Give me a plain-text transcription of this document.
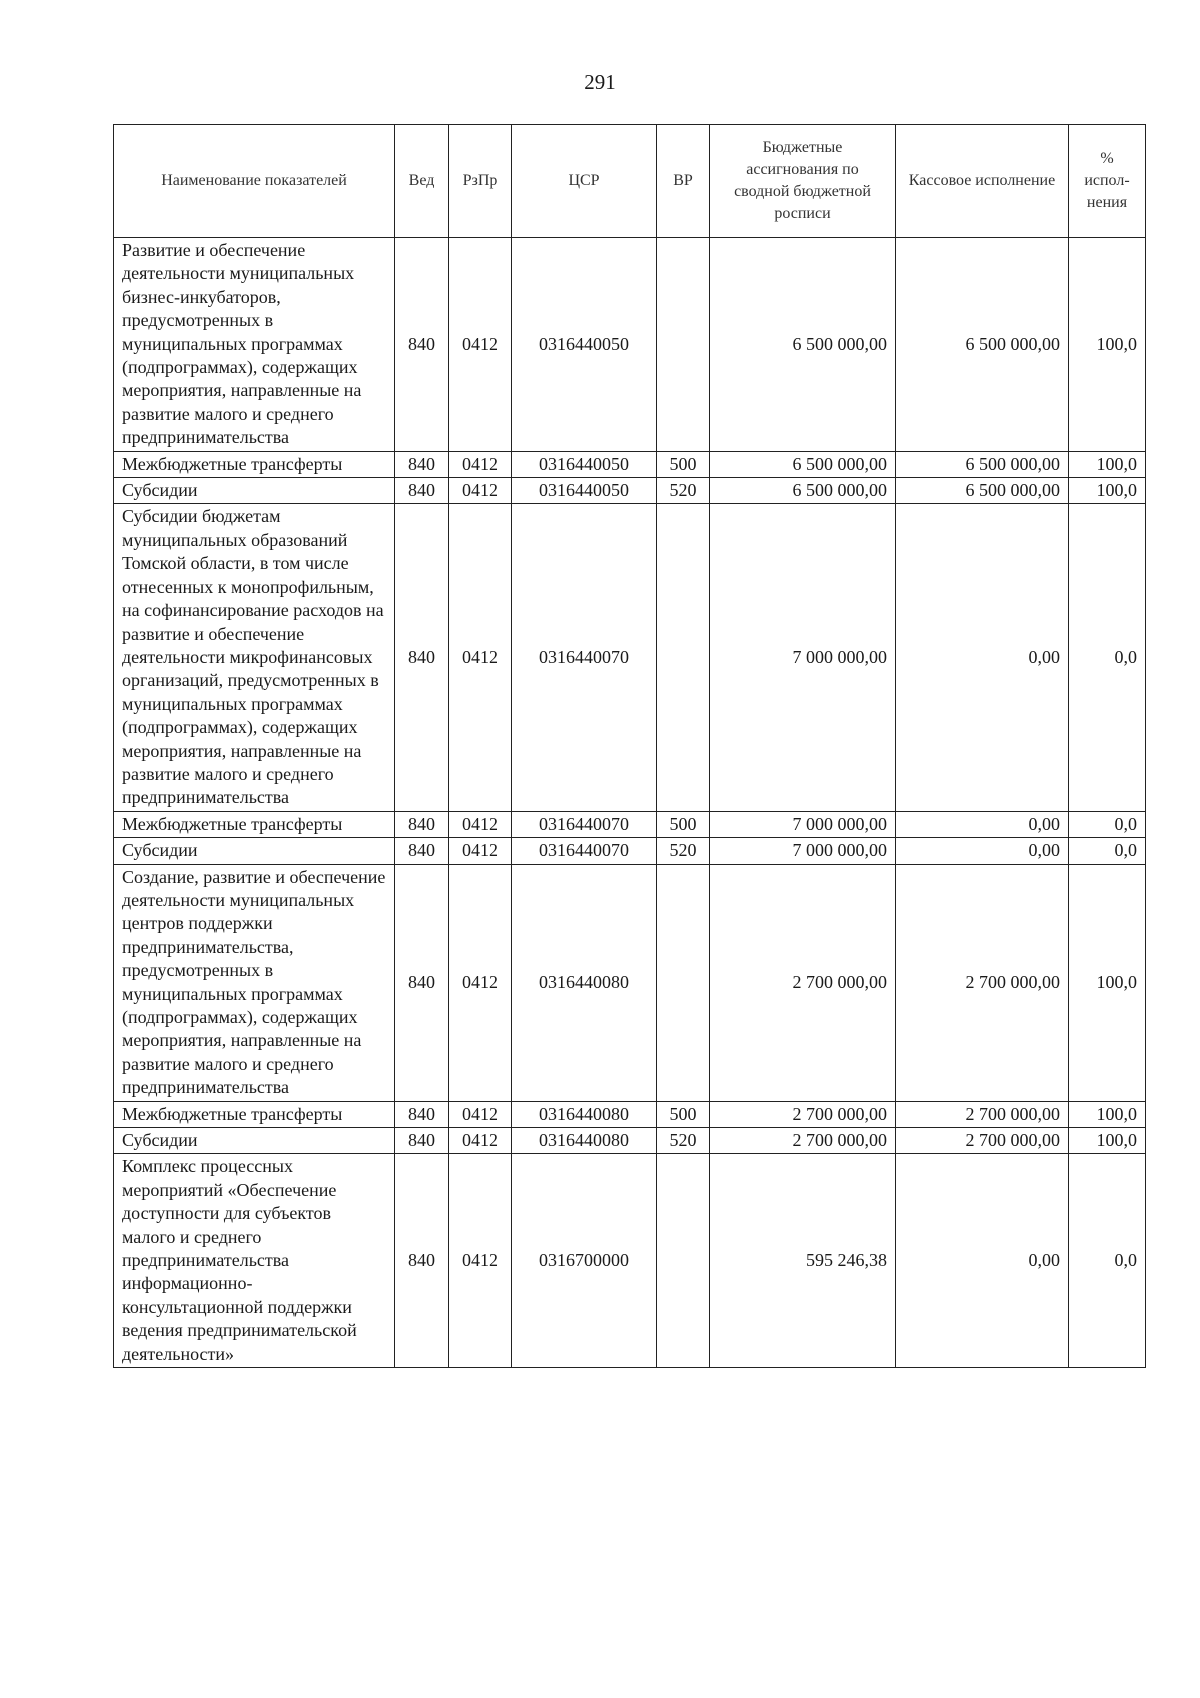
291
Наименование показателей	Вед	РзПр	ЦСР	ВР	Бюджетные ассигнования по сводной бюджетной росписи	Кассовое исполнение	% испол-нения
Развитие и обеспечение деятельности муниципальных бизнес-инкубаторов, предусмотренных в муниципальных программах (подпрограммах), содержащих мероприятия, направленные на развитие малого и среднего предпринимательства	840	0412	0316440050		6 500 000,00	6 500 000,00	100,0
Межбюджетные трансферты	840	0412	0316440050	500	6 500 000,00	6 500 000,00	100,0
Субсидии	840	0412	0316440050	520	6 500 000,00	6 500 000,00	100,0
Субсидии бюджетам муниципальных образований Томской области, в том числе отнесенных к монопрофильным, на софинансирование расходов на развитие и обеспечение деятельности микрофинансовых организаций, предусмотренных в муниципальных программах (подпрограммах), содержащих мероприятия, направленные на развитие малого и среднего предпринимательства	840	0412	0316440070		7 000 000,00	0,00	0,0
Межбюджетные трансферты	840	0412	0316440070	500	7 000 000,00	0,00	0,0
Субсидии	840	0412	0316440070	520	7 000 000,00	0,00	0,0
Создание, развитие и обеспечение деятельности муниципальных центров поддержки предпринимательства, предусмотренных в муниципальных программах (подпрограммах), содержащих мероприятия, направленные на развитие малого и среднего предпринимательства	840	0412	0316440080		2 700 000,00	2 700 000,00	100,0
Межбюджетные трансферты	840	0412	0316440080	500	2 700 000,00	2 700 000,00	100,0
Субсидии	840	0412	0316440080	520	2 700 000,00	2 700 000,00	100,0
Комплекс процессных мероприятий «Обеспечение доступности для субъектов малого и среднего предпринимательства информационно-консультационной поддержки ведения предпринимательской деятельности»	840	0412	0316700000		595 246,38	0,00	0,0
